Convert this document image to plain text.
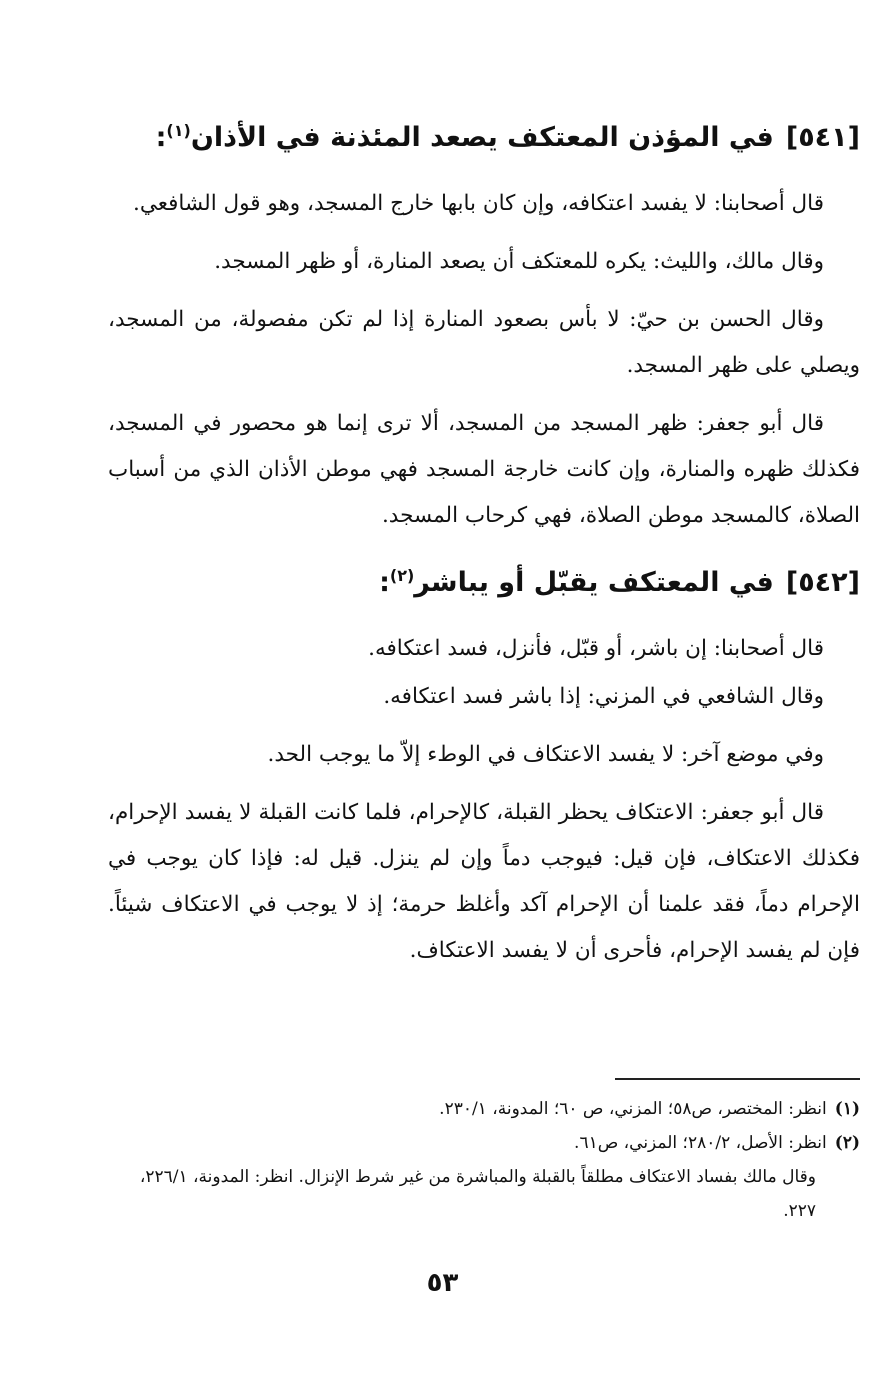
[٥٤١]في المؤذن المعتكف يصعد المئذنة في الأذان$^{(١)}$:

قال أصحابنا: لا يفسد اعتكافه، وإن كان بابها خارج المسجد، وهو قول الشافعي.

وقال مالك، والليث: يكره للمعتكف أن يصعد المنارة، أو ظهر المسجد.

وقال الحسن بن حيّ: لا بأس بصعود المنارة إذا لم تكن مفصولة، من المسجد، ويصلي على ظهر المسجد.

قال أبو جعفر: ظهر المسجد من المسجد، ألا ترى إنما هو محصور في المسجد، فكذلك ظهره والمنارة، وإن كانت خارجة المسجد فهي موطن الأذان الذي من أسباب الصلاة، كالمسجد موطن الصلاة، فهي كرحاب المسجد.

[٥٤٢]في المعتكف يقبّل أو يباشر$^{(٢)}$:

قال أصحابنا: إن باشر، أو قبّل، فأنزل، فسد اعتكافه.

وقال الشافعي في المزني: إذا باشر فسد اعتكافه.

وفي موضع آخر: لا يفسد الاعتكاف في الوطء إلاّ ما يوجب الحد.

قال أبو جعفر: الاعتكاف يحظر القبلة، كالإحرام، فلما كانت القبلة لا يفسد الإحرام، فكذلك الاعتكاف، فإن قيل: فيوجب دماً وإن لم ينزل. قيل له: فإذا كان يوجب في الإحرام دماً، فقد علمنا أن الإحرام آكد وأغلظ حرمة؛ إذ لا يوجب في الاعتكاف شيئاً. فإن لم يفسد الإحرام، فأحرى أن لا يفسد الاعتكاف.

(١)انظر: المختصر، ص٥٨؛ المزني، ص ٦٠؛ المدونة، ٢٣٠/١.

(٢)انظر: الأصل، ٢٨٠/٢؛ المزني، ص٦١.

وقال مالك بفساد الاعتكاف مطلقاً بالقبلة والمباشرة من غير شرط الإنزال. انظر: المدونة، ٢٢٦/١، ٢٢٧.

٥٣
